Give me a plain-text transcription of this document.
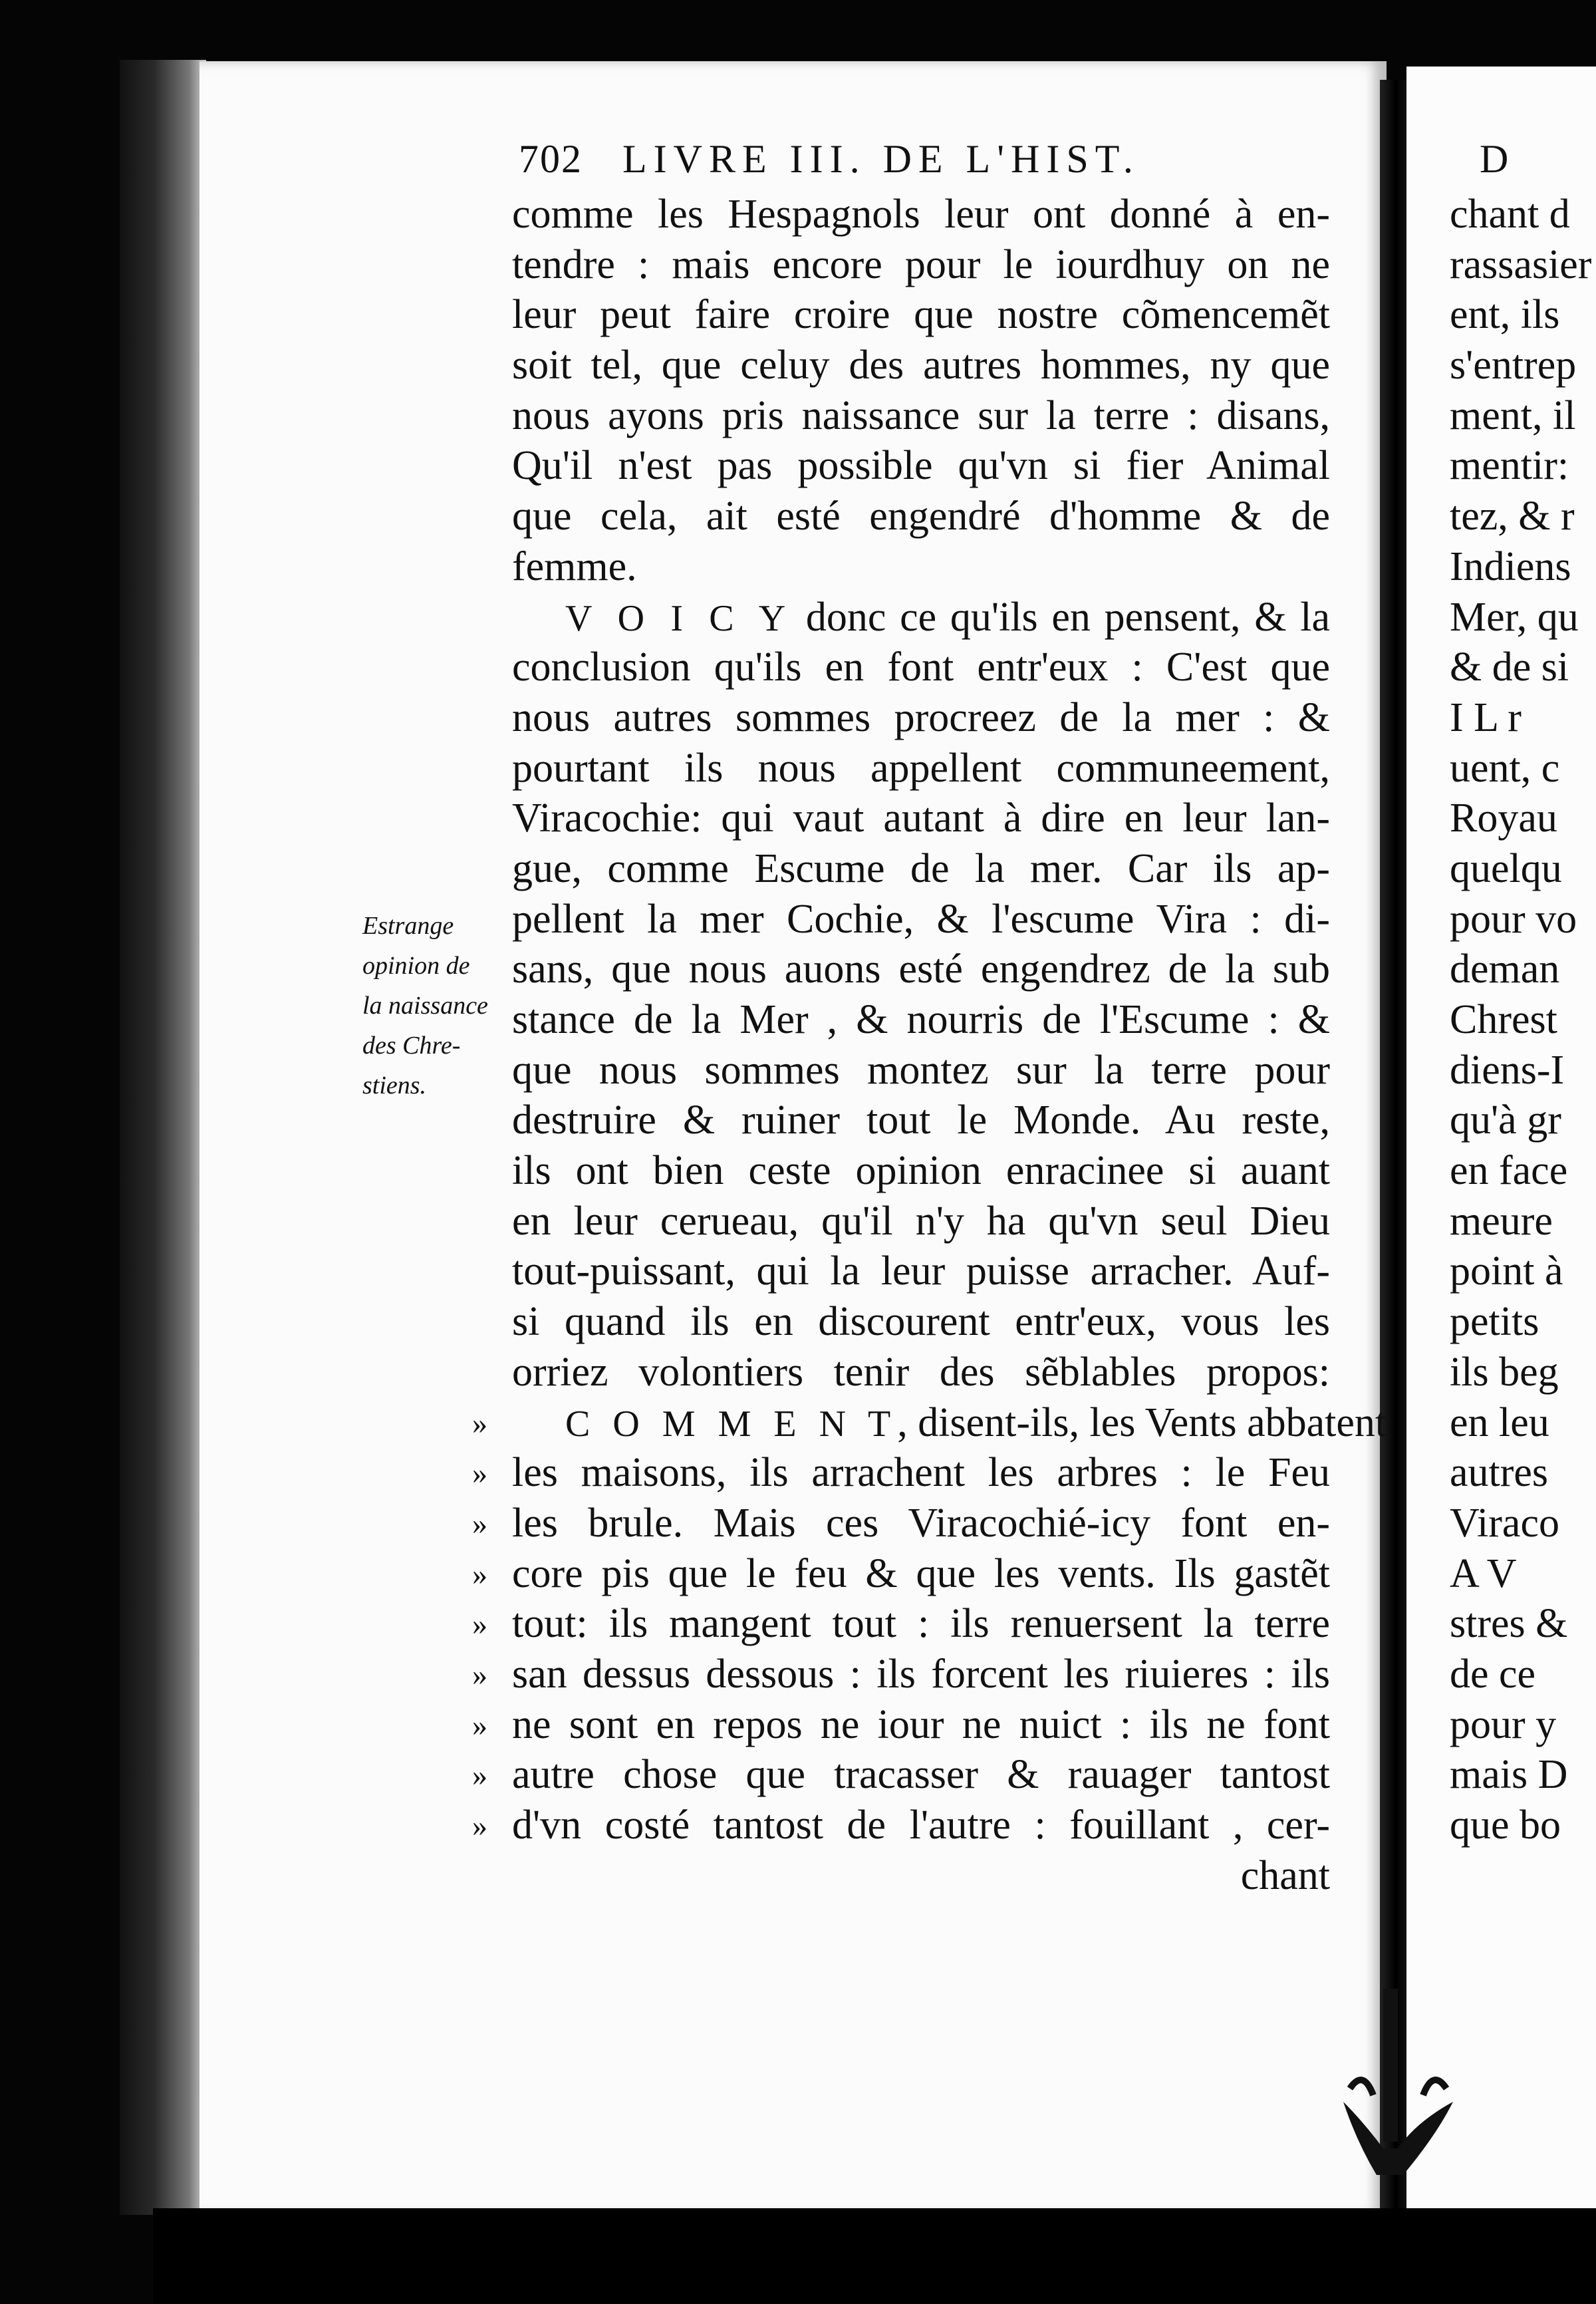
702 LIVRE III. DE L'HIST.
Estrange
opinion de
la naissance
des Chre-
stiens.
comme les Hespagnols leur ont donné à en-
tendre : mais encore pour le iourdhuy on ne
leur peut faire croire que nostre cõmencemẽt
soit tel, que celuy des autres hommes, ny que
nous ayons pris naissance sur la terre : disans,
Qu'il n'est pas possible qu'vn si fier Animal
que cela, ait esté engendré d'homme & de
femme.
V O I C Y donc ce qu'ils en pensent, & la
conclusion qu'ils en font entr'eux : C'est que
nous autres sommes procreez de la mer : &
pourtant ils nous appellent communeement,
Viracochie: qui vaut autant à dire en leur lan-
gue, comme Escume de la mer. Car ils ap-
pellent la mer Cochie, & l'escume Vira : di-
sans, que nous auons esté engendrez de la sub
stance de la Mer , & nourris de l'Escume : &
que nous sommes montez sur la terre pour
destruire & ruiner tout le Monde. Au reste,
ils ont bien ceste opinion enracinee si auant
en leur cerueau, qu'il n'y ha qu'vn seul Dieu
tout-puissant, qui la leur puisse arracher. Auf-
si quand ils en discourent entr'eux, vous les
orriez volontiers tenir des sẽblables propos:
» C O M M E N T, disent-ils, les Vents abbatent
» les maisons, ils arrachent les arbres : le Feu
» les brule. Mais ces Viracochié-icy font en-
» core pis que le feu & que les vents. Ils gastẽt
» tout: ils mangent tout : ils renuersent la terre
» san dessus dessous : ils forcent les riuieres : ils
» ne sont en repos ne iour ne nuict : ils ne font
» autre chose que tracasser & rauager tantost
» d'vn costé tantost de l'autre : fouillant , cer-
chant
D
chant d
rassasier
ent, ils
s'entrep
ment, il
mentir:
tez, & r
Indiens
Mer, qu
& de si
I L r
uent, c
Royau
quelqu
pour vo
deman
Chrest
diens-I
qu'à gr
en face
meure
point à
petits
ils beg
en leu
autres
Viraco
A V
stres &
de ce
pour y
mais D
que bo
